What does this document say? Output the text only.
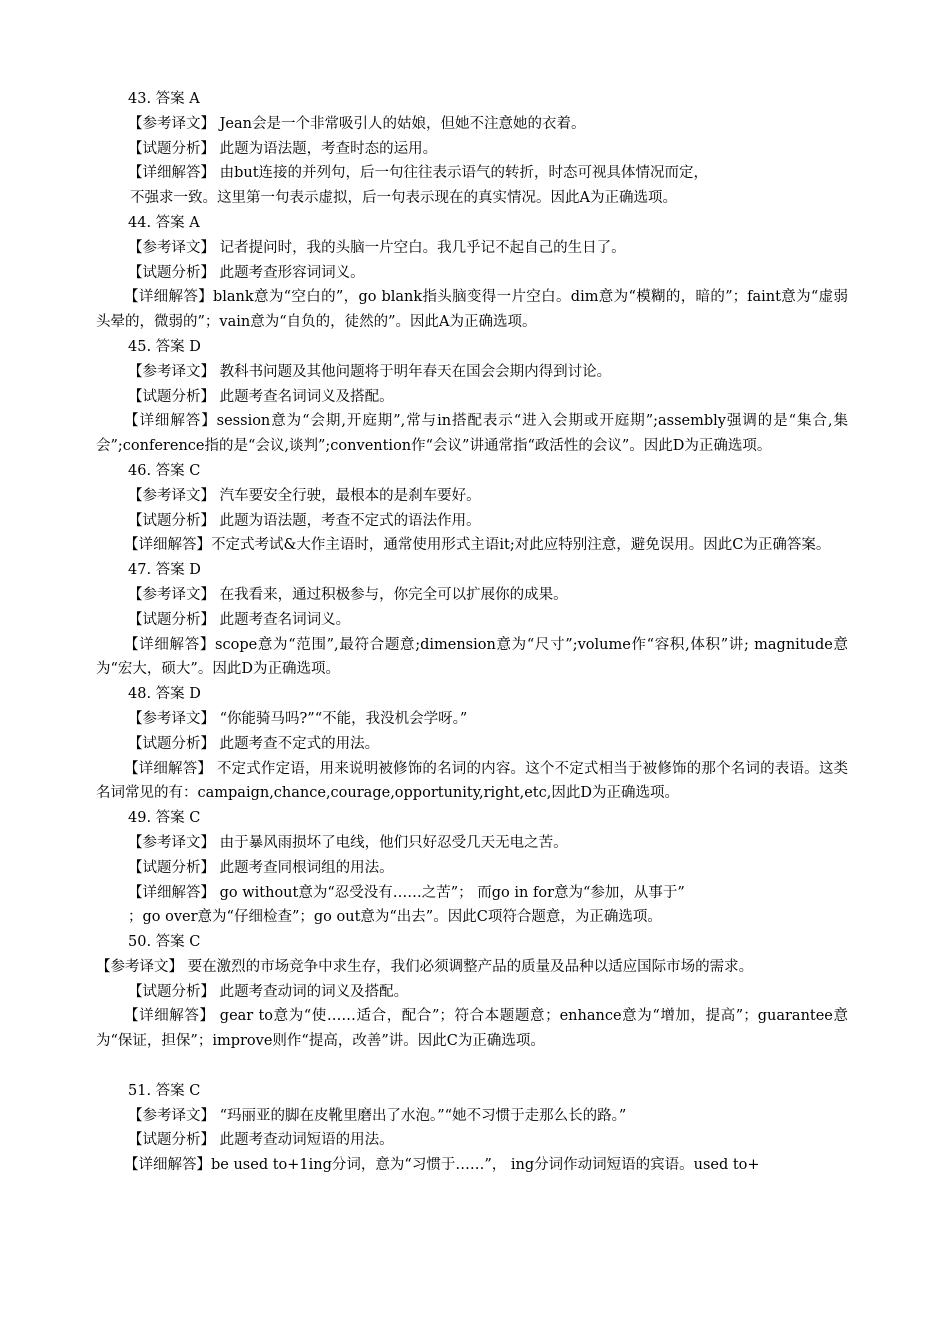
43. 答案 A

【参考译文】 Jean会是一个非常吸引人的姑娘，但她不注意她的衣着。

【试题分析】 此题为语法题，考查时态的运用。

【详细解答】 由but连接的并列句，后一句往往表示语气的转折，时态可视具体情况而定，

不强求一致。这里第一句表示虚拟，后一句表示现在的真实情况。因此A为正确选项。

44. 答案 A

【参考译文】 记者提问时，我的头脑一片空白。我几乎记不起自己的生日了。

【试题分析】 此题考查形容词词义。

【详细解答】blank意为“空白的”，go blank指头脑变得一片空白。dim意为“模糊的，暗的”；faint意为“虚弱头晕的，微弱的”；vain意为“自负的，徒然的”。因此A为正确选项。

45. 答案 D

【参考译文】 教科书问题及其他问题将于明年春天在国会会期内得到讨论。

【试题分析】 此题考查名词词义及搭配。

【详细解答】session意为“会期,开庭期”,常与in搭配表示“进入会期或开庭期”;assembly强调的是“集合,集会”;conference指的是“会议,谈判”;convention作“会议”讲通常指“政活性的会议”。因此D为正确选项。

46. 答案 C

【参考译文】 汽车要安全行驶，最根本的是刹车要好。

【试题分析】 此题为语法题，考查不定式的语法作用。

【详细解答】不定式考试&大作主语时，通常使用形式主语it;对此应特别注意，避免误用。因此C为正确答案。

47. 答案 D

【参考译文】 在我看来，通过积极参与，你完全可以扩展你的成果。

【试题分析】 此题考查名词词义。

【详细解答】scope意为“范围”,最符合题意;dimension意为“尺寸”;volume作“容积,体积”讲; magnitude意为“宏大，硕大”。因此D为正确选项。

48. 答案 D

【参考译文】 “你能骑马吗?”“不能，我没机会学呀。”

【试题分析】 此题考查不定式的用法。

【详细解答】 不定式作定语，用来说明被修饰的名词的内容。这个不定式相当于被修饰的那个名词的表语。这类名词常见的有：campaign,chance,courage,opportunity,right,etc,因此D为正确选项。

49. 答案 C

【参考译文】 由于暴风雨损坏了电线，他们只好忍受几天无电之苦。

【试题分析】 此题考查同根词组的用法。

【详细解答】 go without意为“忍受没有……之苦”； 而go in for意为“参加，从事于”

；go over意为“仔细检查”；go out意为“出去”。因此C项符合题意，为正确选项。

50. 答案 C

【参考译文】 要在激烈的市场竞争中求生存，我们必须调整产品的质量及品种以适应国际市场的需求。

【试题分析】 此题考查动词的词义及搭配。

【详细解答】 gear to意为“使……适合，配合”；符合本题题意；enhance意为“增加，提高”；guarantee意为“保证，担保”；improve则作“提高，改善”讲。因此C为正确选项。

51. 答案 C

【参考译文】 “玛丽亚的脚在皮靴里磨出了水泡。”“她不习惯于走那么长的路。”

【试题分析】 此题考查动词短语的用法。

【详细解答】be used to+1ing分词，意为“习惯于……”， ing分词作动词短语的宾语。used to+
